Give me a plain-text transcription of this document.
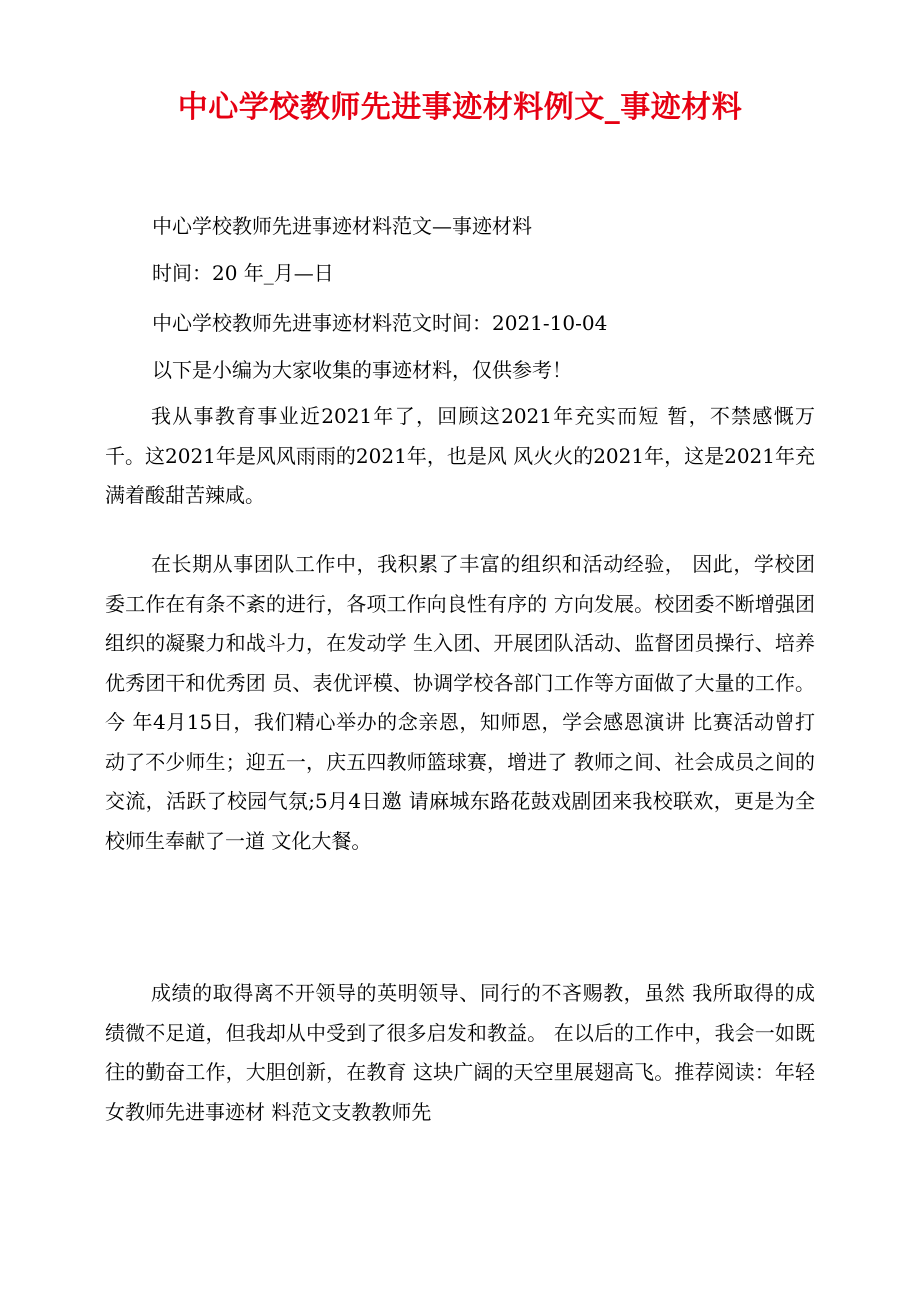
中心学校教师先进事迹材料例文_事迹材料
中心学校教师先进事迹材料范文—事迹材料
时间：20 年_月—日
中心学校教师先进事迹材料范文时间：2021-10-04
以下是小编为大家收集的事迹材料，仅供参考！
我从事教育事业近2021年了，回顾这2021年充实而短 暂，不禁感慨万千。这2021年是风风雨雨的2021年，也是风 风火火的2021年，这是2021年充满着酸甜苦辣咸。
在长期从事团队工作中，我积累了丰富的组织和活动经验， 因此，学校团委工作在有条不紊的进行，各项工作向良性有序的 方向发展。校团委不断增强团组织的凝聚力和战斗力，在发动学 生入团、开展团队活动、监督团员操行、培养优秀团干和优秀团 员、表优评模、协调学校各部门工作等方面做了大量的工作。今 年4月15日，我们精心举办的念亲恩，知师恩，学会感恩演讲 比赛活动曾打动了不少师生；迎五一，庆五四教师篮球赛，增进了 教师之间、社会成员之间的交流，活跃了校园气氛;5月4日邀 请麻城东路花鼓戏剧团来我校联欢，更是为全校师生奉献了一道 文化大餐。
成绩的取得离不开领导的英明领导、同行的不吝赐教，虽然 我所取得的成绩微不足道，但我却从中受到了很多启发和教益。 在以后的工作中，我会一如既往的勤奋工作，大胆创新，在教育 这块广阔的天空里展翅高飞。推荐阅读：年轻女教师先进事迹材 料范文支教教师先
